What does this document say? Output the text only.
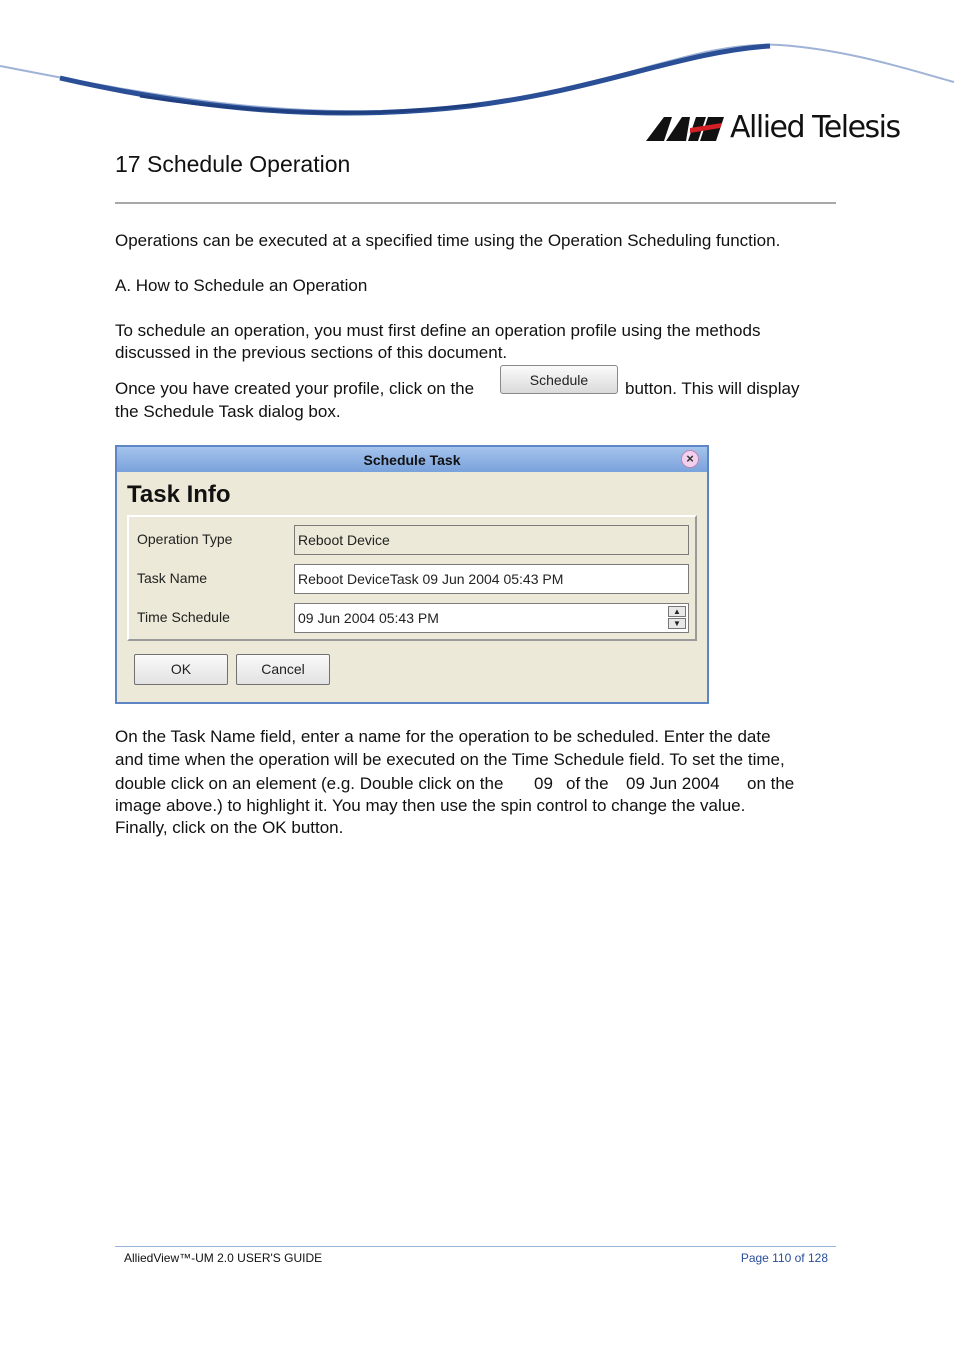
Allied Telesis
17 Schedule Operation
Operations can be executed at a specified time using the Operation Scheduling function.
A. How to Schedule an Operation
To schedule an operation, you must first define an operation profile using the methods
discussed in the previous sections of this document.
Once you have created your profile, click on the	Schedule	button. This will display
the Schedule Task dialog box.
Schedule Task	×
Task Info
Operation Type	Reboot Device
Task Name	Reboot DeviceTask 09 Jun 2004 05:43 PM
Time Schedule	09 Jun 2004 05:43 PM	▲
▼
OK	Cancel
On the Task Name field, enter a name for the operation to be scheduled. Enter the date
and time when the operation will be executed on the Time Schedule field. To set the time,
double click on an element (e.g. Double click on the 09 of the 09 Jun 2004 on the
image above.) to highlight it. You may then use the spin control to change the value.
Finally, click on the OK button.
AlliedView™-UM 2.0 USER'S GUIDE	Page 110 of 128
